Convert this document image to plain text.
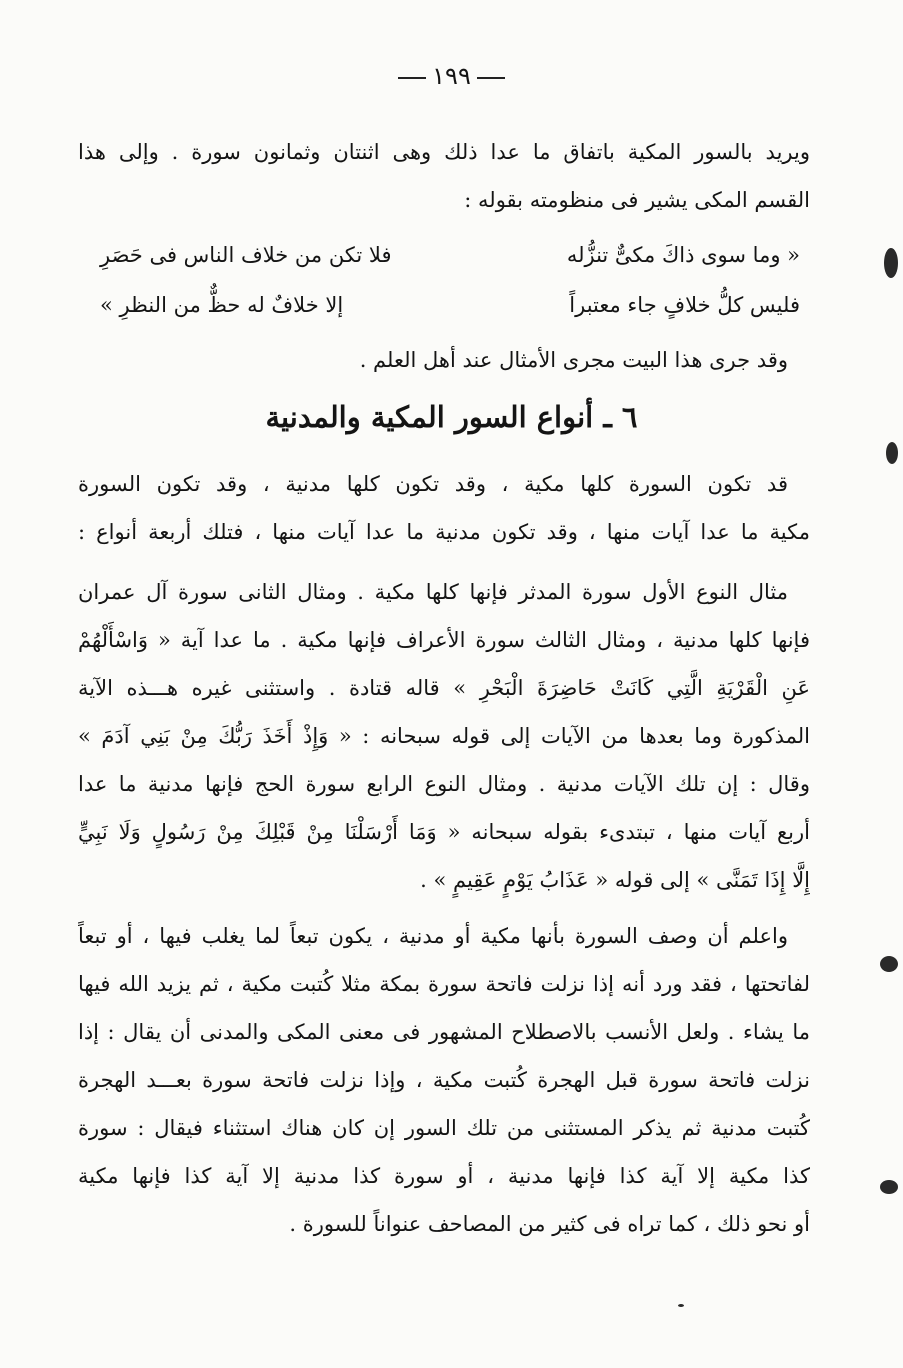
١٩٩
ويريد بالسور المكية باتفاق ما عدا ذلك وهى اثنتان وثمانون سورة . وإلى هذا
القسم المكى يشير فى منظومته بقوله :
« وما سوى ذاكَ مكىٌّ تنزُّله
فلا تكن من خلاف الناس فى حَصَرِ
فليس كلُّ خلافٍ جاء معتبراً
إلا خلافٌ له حظٌّ من النظرِ »
وقد جرى هذا البيت مجرى الأمثال عند أهل العلم .
٦ ـ أنواع السور المكية والمدنية
قد تكون السورة كلها مكية ، وقد تكون كلها مدنية ، وقد تكون السورة
مكية ما عدا آيات منها ، وقد تكون مدنية ما عدا آيات منها ، فتلك أربعة أنواع :
مثال النوع الأول سورة المدثر فإنها كلها مكية . ومثال الثانى سورة آل عمران
فإنها كلها مدنية ، ومثال الثالث سورة الأعراف فإنها مكية . ما عدا آية « وَاسْأَلْهُمْ
عَنِ الْقَرْيَةِ الَّتِي كَانَتْ حَاضِرَةَ الْبَحْرِ » قاله قتادة . واستثنى غيره هـــذه الآية
المذكورة وما بعدها من الآيات إلى قوله سبحانه : « وَإِذْ أَخَذَ رَبُّكَ مِنْ بَنِي آدَمَ »
وقال : إن تلك الآيات مدنية . ومثال النوع الرابع سورة الحج فإنها مدنية ما عدا
أربع آيات منها ، تبتدىء بقوله سبحانه « وَمَا أَرْسَلْنَا مِنْ قَبْلِكَ مِنْ رَسُولٍ وَلَا نَبِيٍّ
إِلَّا إِذَا تَمَنَّى » إلى قوله « عَذَابُ يَوْمٍ عَقِيمٍ » .
واعلم أن وصف السورة بأنها مكية أو مدنية ، يكون تبعاً لما يغلب فيها ، أو تبعاً
لفاتحتها ، فقد ورد أنه إذا نزلت فاتحة سورة بمكة مثلا كُتبت مكية ، ثم يزيد الله فيها
ما يشاء . ولعل الأنسب بالاصطلاح المشهور فى معنى المكى والمدنى أن يقال : إذا
نزلت فاتحة سورة قبل الهجرة كُتبت مكية ، وإذا نزلت فاتحة سورة بعـــد الهجرة
كُتبت مدنية ثم يذكر المستثنى من تلك السور إن كان هناك استثناء فيقال : سورة
كذا مكية إلا آية كذا فإنها مدنية ، أو سورة كذا مدنية إلا آية كذا فإنها مكية
أو نحو ذلك ، كما تراه فى كثير من المصاحف عنواناً للسورة .
